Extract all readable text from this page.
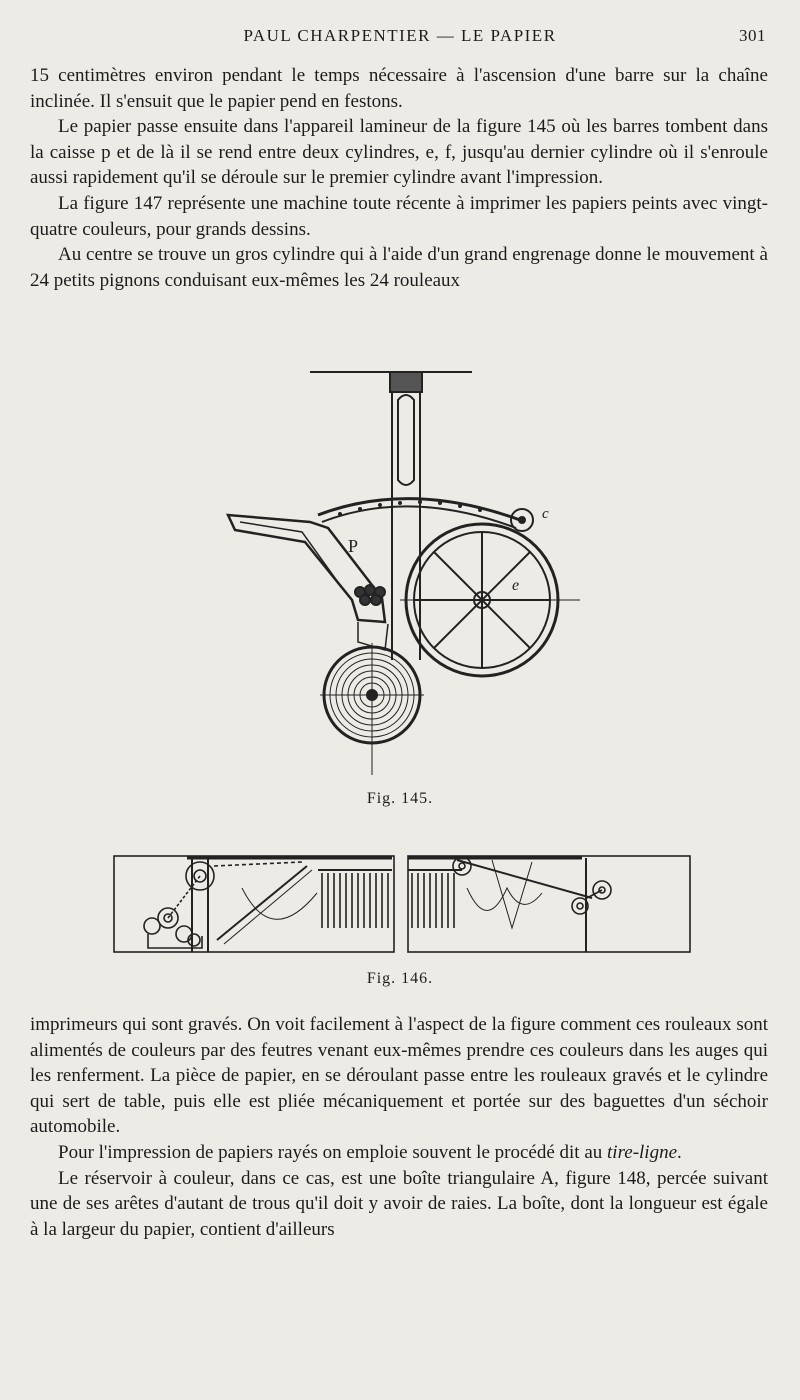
PAUL CHARPENTIER — LE PAPIER	301

15 centimètres environ pendant le temps nécessaire à l'ascension d'une barre sur la chaîne inclinée. Il s'ensuit que le papier pend en festons.

Le papier passe ensuite dans l'appareil lamineur de la figure 145 où les barres tombent dans la caisse p et de là il se rend entre deux cylindres, e, f, jusqu'au dernier cylindre où il s'enroule aussi rapidement qu'il se déroule sur le premier cylindre avant l'impression.

La figure 147 représente une machine toute récente à imprimer les papiers peints avec vingt-quatre couleurs, pour grands dessins.

Au centre se trouve un gros cylindre qui à l'aide d'un grand engrenage donne le mouvement à 24 petits pignons conduisant eux-mêmes les 24 rouleaux

P
e
c
Fig. 145.
Fig. 146.

imprimeurs qui sont gravés. On voit facilement à l'aspect de la figure comment ces rouleaux sont alimentés de couleurs par des feutres venant eux-mêmes prendre ces couleurs dans les auges qui les renferment. La pièce de papier, en se déroulant passe entre les rouleaux gravés et le cylindre qui sert de table, puis elle est pliée mécaniquement et portée sur des baguettes d'un séchoir automobile.

Pour l'impression de papiers rayés on emploie souvent le procédé dit au tire-ligne.

Le réservoir à couleur, dans ce cas, est une boîte triangulaire A, figure 148, percée suivant une de ses arêtes d'autant de trous qu'il doit y avoir de raies. La boîte, dont la longueur est égale à la largeur du papier, contient d'ailleurs
